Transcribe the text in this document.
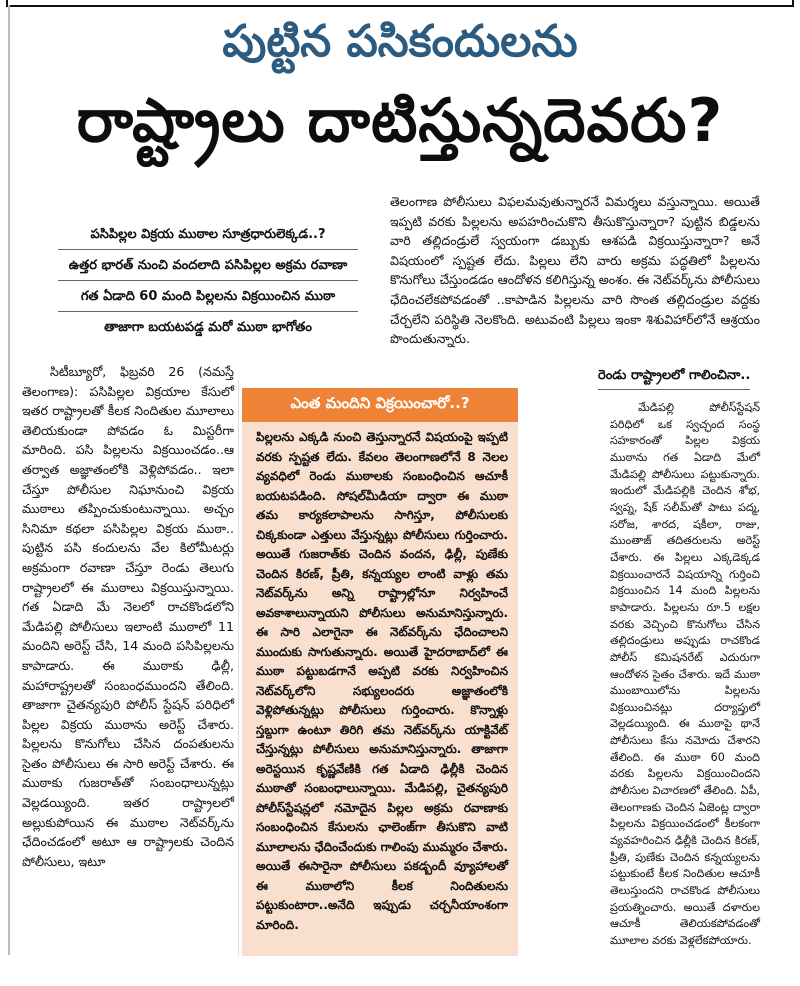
పుట్టిన పసికందులను
రాష్ట్రాలు దాటిస్తున్నదెవరు?
పసిపిల్లల విక్రయ ముఠాల సూత్రధారులెక్కడ..?
ఉత్తర భారత్ నుంచి వందలాది పసిపిల్లల అక్రమ రవాణా
గత ఏడాది 60 మంది పిల్లలను విక్రయించిన ముఠా
తాజాగా బయటపడ్డ మరో ముఠా భాగోతం

తెలంగాణ పోలీసులు విఫలమవుతున్నారనే విమర్శలు వస్తున్నాయి. అయితే ఇప్పటి వరకు పిల్లలను అపహరించుకొని తీసుకొస్తున్నారా? పుట్టిన బిడ్డలను వారి తల్లిదండ్రులే స్వయంగా డబ్బుకు ఆశపడి విక్రయిస్తున్నారా? అనే విషయంలో స్పష్టత లేదు. పిల్లలు లేని వారు అక్రమ పద్ధతిలో పిల్లలను కొనుగోలు చేస్తుండడం ఆందోళన కలిగిస్తున్న అంశం. ఈ నెట్‌వర్క్‌ను పోలీసులు ఛేదించలేకపోవడంతో ..కాపాడిన పిల్లలను వారి సొంత తల్లిదండ్రుల వద్దకు చేర్చలేని పరిస్థితి నెలకొంది. అటువంటి పిల్లలు ఇంకా శిశువిహార్‌లోనే ఆశ్రయం పొందుతున్నారు.

సిటీబ్యూరో, ఫిబ్రవరి 26 (నమస్తే తెలంగాణ): పసిపిల్లల విక్రయాల కేసులో ఇతర రాష్ట్రాలతో కీలక నిందితుల మూలాలు తెలియకుండా పోవడం ఓ మిస్టరీగా మారింది. పసి పిల్లలను విక్రయించడం..ఆ తర్వాత అజ్ఞాతంలోకి వెళ్లిపోవడం.. ఇలా చేస్తూ పోలీసుల నిఘానుంచి విక్రయ ముఠాలు తప్పించుకుంటున్నాయి. అచ్చం సినిమా కథలా పసిపిల్లల విక్రయ ముఠా.. పుట్టిన పసి కందులను వేల కిలోమీటర్లు అక్రమంగా రవాణా చేస్తూ రెండు తెలుగు రాష్ట్రాలలో ఈ ముఠాలు విక్రయిస్తున్నాయి. గత ఏడాది మే నెలలో రాచకొండలోని మేడిపల్లి పోలీసులు ఇలాంటి ముఠాలో 11 మందిని అరెస్ట్ చేసి, 14 మంది పసిపిల్లలను కాపాడారు. ఈ ముఠాకు ఢిల్లీ, మహారాష్ట్రలతో సంబంధముందని తేలింది. తాజాగా చైతన్యపురి పోలీస్ స్టేషన్ పరిధిలో పిల్లల విక్రయ ముఠాను అరెస్ట్ చేశారు. పిల్లలను కొనుగోలు చేసిన దంపతులను సైతం పోలీసులు ఈ సారి అరెస్ట్ చేశారు. ఈ ముఠాకు గుజరాత్‌తో సంబంధాలున్నట్లు వెల్లడయ్యింది. ఇతర రాష్ట్రాలలో అల్లుకుపోయిన ఈ ముఠాల నెట్‌వర్క్‌ను ఛేదించడంలో అటూ ఆ రాష్ట్రాలకు చెందిన పోలీసులు, ఇటూ

ఎంత మందిని విక్రయించారో..?

పిల్లలను ఎక్కడి నుంచి తెస్తున్నారనే విషయంపై ఇప్పటి వరకు స్పష్టత లేదు. కేవలం తెలంగాణలోనే 8 నెలల వ్యవధిలో రెండు ముఠాలకు సంబంధించిన ఆచూకీ బయటపడింది. సోషల్‌మీడియా ద్వారా ఈ ముఠా తమ కార్యకలాపాలను సాగిస్తూ, పోలీసులకు చిక్కకుండా ఎత్తులు వేస్తున్నట్లు పోలీసులు గుర్తించారు. అయితే గుజరాత్‌కు చెందిన వందన, ఢిల్లీ, పుణేకు చెందిన కిరణ్, ప్రీతి, కన్నయ్యల లాంటి వాళ్లు తమ నెట్‌వర్క్‌ను అన్ని రాష్ట్రాల్లోనూ నిర్వహించే అవకాశాలున్నాయని పోలీసులు అనుమానిస్తున్నారు. ఈ సారి ఎలాగైనా ఈ నెట్‌వర్క్‌ను ఛేదించాలని ముందుకు సాగుతున్నారు. అయితే హైదరాబాద్‌లో ఈ ముఠా పట్టుబడగానే అప్పటి వరకు నిర్వహించిన నెట్‌వర్క్‌లోని సభ్యులందరు అజ్ఞాతంలోకి వెళ్లిపోతున్నట్లు పోలీసులు గుర్తించారు. కొన్నాళ్లు స్తబ్దుగా ఉంటూ తిరిగి తమ నెట్‌వర్క్‌ను యాక్టివేట్ చేస్తున్నట్లు పోలీసులు అనుమానిస్తున్నారు. తాజాగా అరెస్టయిన కృష్ణవేణికి గత ఏడాది ఢిల్లీకి చెందిన ముఠాతో సంబంధాలున్నాయి. మేడిపల్లి, చైతన్యపురి పోలీస్‌స్టేషన్లలో నమోదైన పిల్లల అక్రమ రవాణాకు సంబంధించిన కేసులను ఛాలెంజ్‌గా తీసుకొని వాటి మూలాలను ఛేదించేందుకు గాలింపు ముమ్మరం చేశారు. అయితే ఈసారైనా పోలీసులు పకడ్బందీ వ్యూహాలతో ఈ ముఠాలోని కీలక నిందితులను పట్టుకుంటారా..అనేది ఇప్పుడు చర్చనీయాంశంగా మారింది.

రెండు రాష్ట్రాలలో గాలించినా..

మేడిపల్లి పోలీస్‌స్టేషన్ పరిధిలో ఒక స్వచ్ఛంద సంస్థ సహకారంతో పిల్లల విక్రయ ముఠాను గత ఏడాది మేలో మేడిపల్లి పోలీసులు పట్టుకున్నారు. ఇందులో మేడిపల్లికి చెందిన శోభ, స్వప్న, షేక్ సలీమ్‌తో పాటు పద్మ, సరోజ, శారద, షకీలా, రాజు, ముంతాజ్ తదితరులను అరెస్ట్ చేశారు. ఈ పిల్లలు ఎక్కడెక్కడ విక్రయించారనే విషయాన్ని గుర్తించి విక్రయించిన 14 మంది పిల్లలను కాపాడారు. పిల్లలను రూ.5 లక్షల వరకు వెచ్చించి కొనుగోలు చేసిన తల్లిదండ్రులు అప్పుడు రాచకొండ పోలీస్ కమిషనరేట్ ఎదురుగా ఆందోళన సైతం చేశారు. ఇదే ముఠా ముంబాయిలోను పిల్లలను విక్రయించినట్లు దర్యాప్తులో వెల్లడయ్యింది. ఈ ముఠాపై థానే పోలీసులు కేసు నమోదు చేశారని తేలింది. ఈ ముఠా 60 మంది వరకు పిల్లలను విక్రయించిందని పోలీసుల విచారణలో తేలింది. ఏపీ, తెలంగాణకు చెందిన ఏజెంట్ల ద్వారా పిల్లలను విక్రయించడంలో కీలకంగా వ్యవహరించిన ఢిల్లీకి చెందిన కిరణ్, ప్రీతి, పుణేకు చెందిన కన్నయ్యలను పట్టుకుంటే కీలక నిందితుల ఆచూకీ తెలుస్తుందని రాచకొండ పోలీసులు ప్రయత్నించారు. అయితే దళారుల ఆచూకీ తెలియకపోవడంతో మూలాల వరకు వెళ్లలేకపోయారు.
